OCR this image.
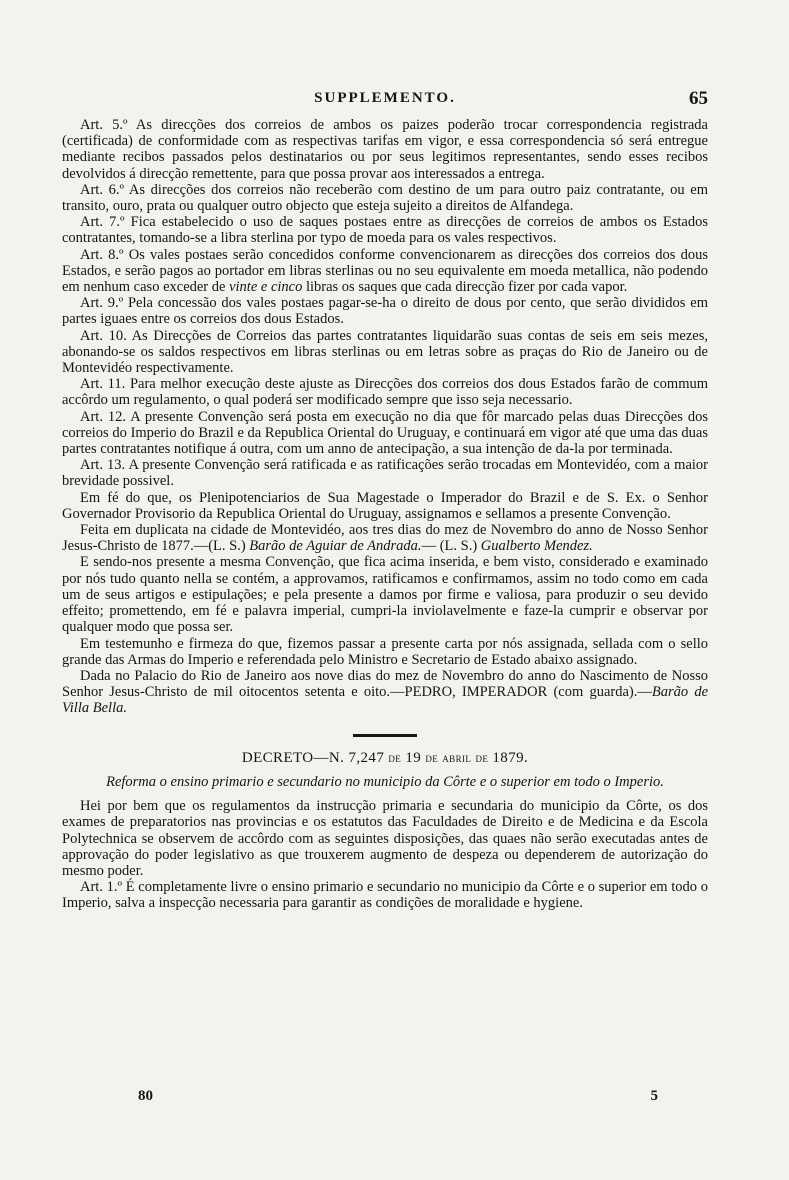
SUPPLEMENTO.	65

Art. 5.º As direcções dos correios de ambos os paizes poderão trocar correspondencia registrada (certificada) de conformidade com as respectivas tarifas em vigor, e essa correspondencia só será entregue mediante recibos passados pelos destinatarios ou por seus legitimos representantes, sendo esses recibos devolvidos á direcção remettente, para que possa provar aos interessados a entrega.

Art. 6.º As direcções dos correios não receberão com destino de um para outro paiz contratante, ou em transito, ouro, prata ou qualquer outro objecto que esteja sujeito a direitos de Alfandega.

Art. 7.º Fica estabelecido o uso de saques postaes entre as direcções de correios de ambos os Estados contratantes, tomando-se a libra sterlina por typo de moeda para os vales respectivos.

Art. 8.º Os vales postaes serão concedidos conforme convencionarem as direcções dos correios dos dous Estados, e serão pagos ao portador em libras sterlinas ou no seu equivalente em moeda metallica, não podendo em nenhum caso exceder de vinte e cinco libras os saques que cada direcção fizer por cada vapor.

Art. 9.º Pela concessão dos vales postaes pagar-se-ha o direito de dous por cento, que serão divididos em partes iguaes entre os correios dos dous Estados.

Art. 10. As Direcções de Correios das partes contratantes liquidarão suas contas de seis em seis mezes, abonando-se os saldos respectivos em libras sterlinas ou em letras sobre as praças do Rio de Janeiro ou de Montevidéo respectivamente.

Art. 11. Para melhor execução deste ajuste as Direcções dos correios dos dous Estados farão de commum accôrdo um regulamento, o qual poderá ser modificado sempre que isso seja necessario.

Art. 12. A presente Convenção será posta em execução no dia que fôr marcado pelas duas Direcções dos correios do Imperio do Brazil e da Republica Oriental do Uruguay, e continuará em vigor até que uma das duas partes contratantes notifique á outra, com um anno de antecipação, a sua intenção de da-la por terminada.

Art. 13. A presente Convenção será ratificada e as ratificações serão trocadas em Montevidéo, com a maior brevidade possivel.

Em fé do que, os Plenipotenciarios de Sua Magestade o Imperador do Brazil e de S. Ex. o Senhor Governador Provisorio da Republica Oriental do Uruguay, assignamos e sellamos a presente Convenção.

Feita em duplicata na cidade de Montevidéo, aos tres dias do mez de Novembro do anno de Nosso Senhor Jesus-Christo de 1877.—(L. S.) Barão de Aguiar de Andrada.— (L. S.) Gualberto Mendez.

E sendo-nos presente a mesma Convenção, que fica acima inserida, e bem visto, considerado e examinado por nós tudo quanto nella se contém, a approvamos, ratificamos e confirmamos, assim no todo como em cada um de seus artigos e estipulações; e pela presente a damos por firme e valiosa, para produzir o seu devido effeito; promettendo, em fé e palavra imperial, cumpri-la inviolavelmente e faze-la cumprir e observar por qualquer modo que possa ser.

Em testemunho e firmeza do que, fizemos passar a presente carta por nós assignada, sellada com o sello grande das Armas do Imperio e referendada pelo Ministro e Secretario de Estado abaixo assignado.

Dada no Palacio do Rio de Janeiro aos nove dias do mez de Novembro do anno do Nascimento de Nosso Senhor Jesus-Christo de mil oitocentos setenta e oito.—PEDRO, IMPERADOR (com guarda).—Barão de Villa Bella.

DECRETO—N. 7,247 de 19 de abril de 1879.

Reforma o ensino primario e secundario no municipio da Côrte e o superior em todo o Imperio.

Hei por bem que os regulamentos da instrucção primaria e secundaria do municipio da Côrte, os dos exames de preparatorios nas provincias e os estatutos das Faculdades de Direito e de Medicina e da Escola Polytechnica se observem de accôrdo com as seguintes disposições, das quaes não serão executadas antes de approvação do poder legislativo as que trouxerem augmento de despeza ou dependerem de autorização do mesmo poder.

Art. 1.º É completamente livre o ensino primario e secundario no municipio da Côrte e o superior em todo o Imperio, salva a inspecção necessaria para garantir as condições de moralidade e hygiene.

80	5
